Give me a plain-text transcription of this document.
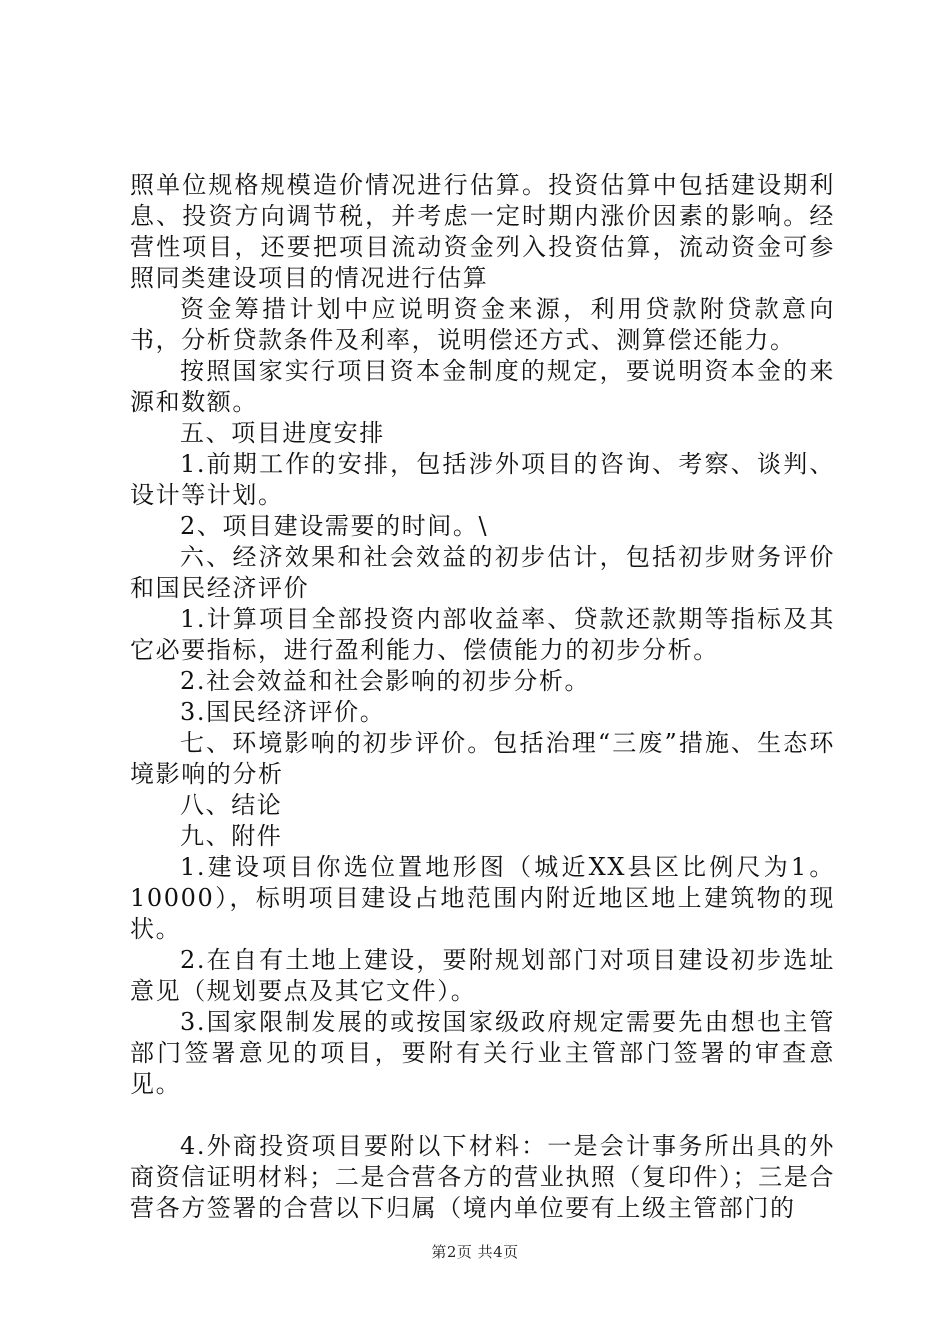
照单位规格规模造价情况进行估算。投资估算中包括建设期利息、投资方向调节税，并考虑一定时期内涨价因素的影响。经营性项目，还要把项目流动资金列入投资估算，流动资金可参照同类建设项目的情况进行估算

资金筹措计划中应说明资金来源，利用贷款附贷款意向书，分析贷款条件及利率，说明偿还方式、测算偿还能力。

按照国家实行项目资本金制度的规定，要说明资本金的来源和数额。

五、项目进度安排

1.前期工作的安排，包括涉外项目的咨询、考察、谈判、设计等计划。

2、项目建设需要的时间。\

六、经济效果和社会效益的初步估计，包括初步财务评价和国民经济评价

1.计算项目全部投资内部收益率、贷款还款期等指标及其它必要指标，进行盈利能力、偿债能力的初步分析。

2.社会效益和社会影响的初步分析。

3.国民经济评价。

七、环境影响的初步评价。包括治理“三废”措施、生态环境影响的分析

八、结论

九、附件

1.建设项目你选位置地形图（城近XX县区比例尺为1。10000），标明项目建设占地范围内附近地区地上建筑物的现状。

2.在自有土地上建设，要附规划部门对项目建设初步选址意见（规划要点及其它文件）。

3.国家限制发展的或按国家级政府规定需要先由想也主管部门签署意见的项目，要附有关行业主管部门签署的审查意见。

4.外商投资项目要附以下材料：一是会计事务所出具的外商资信证明材料；二是合营各方的营业执照（复印件）；三是合营各方签署的合营以下归属（境内单位要有上级主管部门的

第2页 共4页
